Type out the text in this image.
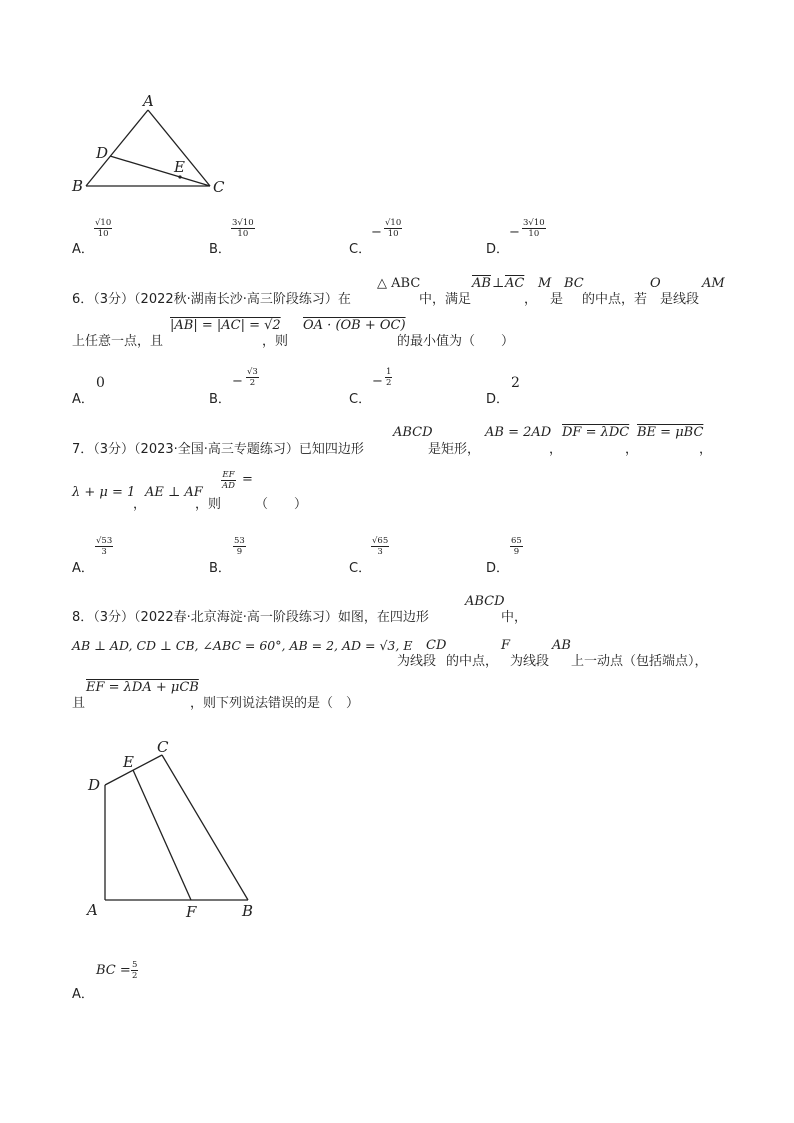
A
B	C
D
E
A．
$\frac{√10}{10}$
B．
$\frac{3√10}{10}$
C．
− $\frac{√10}{10}$
D．
− $\frac{3√10}{10}$
6．（3分）（2022秋·湖南长沙·高三阶段练习）在
△ ABC
中，满足
$\overline{AB}$ ⊥ $\overline{AC}$
，
M
是
BC
的中点，若
O
是线段
AM
上任意一点，且
|AB| = |AC| = √2
，则
OA · (OB + OC)
的最小值为（　　）
A．
0
B．
− $\frac{√3}{2}$
C．
− $\frac{1}{2}$
D．
2
7．（3分）（2023·全国·高三专题练习）已知四边形
ABCD
是矩形，
AB = 2AD
，
DF = λDC
，
BE = μBC
，
λ + μ = 1
，
AE ⊥ AF
，则
$\frac{EF}{AD}$ =
（　　）
A．
$\frac{√53}{3}$
B．
$\frac{53}{9}$
C．
$\frac{√65}{3}$
D．
$\frac{65}{9}$
8．（3分）（2022春·北京海淀·高一阶段练习）如图，在四边形
ABCD
中，
AB ⊥ AD, CD ⊥ CB, ∠ABC = 60°, AB = 2, AD = √3, E
为线段
CD
的中点，
F
为线段
AB
上一动点（包括端点），
且
EF = λDA + μCB
，则下列说法错误的是（　）
A	B
C
D
E
F
A．
BC = $\frac{5}{2}$
